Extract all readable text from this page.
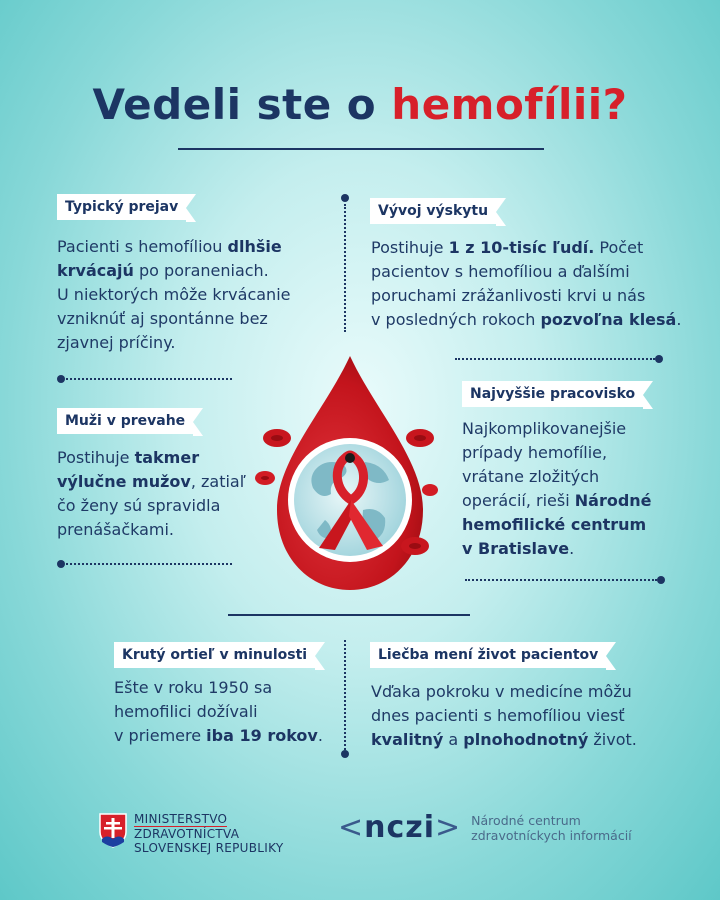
Vedeli ste o hemofílii?
Typický prejav
Pacienti s hemofíliou dlhšie
krvácajú po poraneniach.
U niektorých môže krvácanie
vzniknúť aj spontánne bez
zjavnej príčiny.
Vývoj výskytu
Postihuje 1 z 10-tisíc ľudí. Počet
pacientov s hemofíliou a ďalšími
poruchami zrážanlivosti krvi u nás
v posledných rokoch pozvoľna klesá.
Muži v prevahe
Postihuje takmer
výlučne mužov, zatiaľ
čo ženy sú spravidla
prenášačkami.
Najvyššie pracovisko
Najkomplikovanejšie
prípady hemofílie,
vrátane zložitých
operácií, rieši Národné
hemofilické centrum
v Bratislave.
Krutý ortieľ v minulosti
Ešte v roku 1950 sa
hemofilici dožívali
v priemere iba 19 rokov.
Liečba mení život pacientov
Vďaka pokroku v medicíne môžu
dnes pacienti s hemofíliou viesť
kvalitný a plnohodnotný život.
MINISTERSTVO
ZDRAVOTNÍCTVA
SLOVENSKEJ REPUBLIKY
<nczi> Národné centrum
zdravotníckych informácií
